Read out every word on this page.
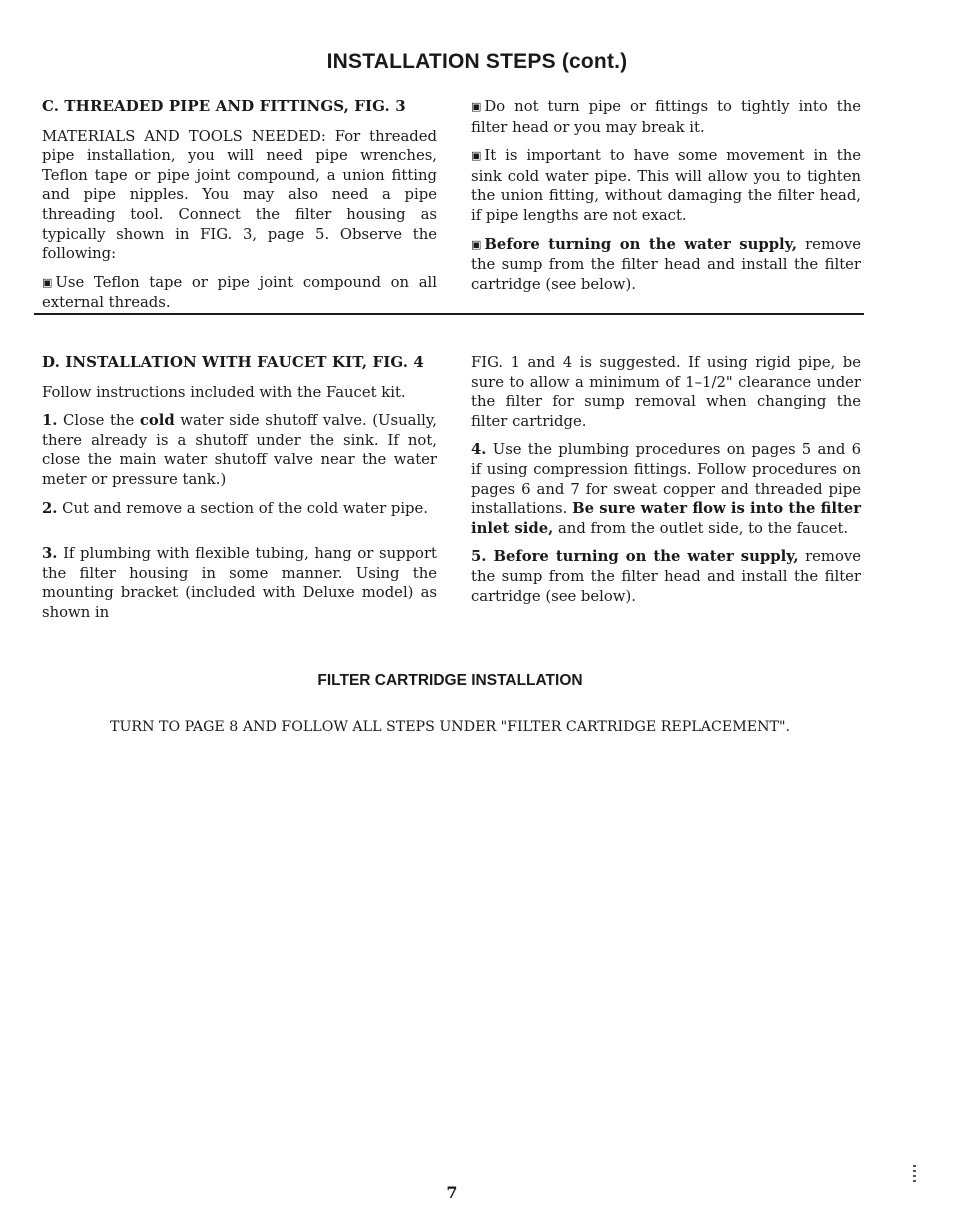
INSTALLATION STEPS (cont.)
C. THREADED PIPE AND FITTINGS, FIG. 3

MATERIALS AND TOOLS NEEDED: For threaded pipe installation, you will need pipe wrenches, Teflon tape or pipe joint compound, a union fitting and pipe nipples. You may also need a pipe threading tool. Connect the filter housing as typically shown in FIG. 3, page 5. Observe the following:

▣ Use Teflon tape or pipe joint compound on all external threads.

▣ Do not turn pipe or fittings to tightly into the filter head or you may break it.

▣ It is important to have some movement in the sink cold water pipe. This will allow you to tighten the union fitting, without damaging the filter head, if pipe lengths are not exact.

▣ Before turning on the water supply, remove the sump from the filter head and install the filter cartridge (see below).

D. INSTALLATION WITH FAUCET KIT, FIG. 4

Follow instructions included with the Faucet kit.

1. Close the cold water side shutoff valve. (Usually, there already is a shutoff under the sink. If not, close the main water shutoff valve near the water meter or pressure tank.)

2. Cut and remove a section of the cold water pipe.

3. If plumbing with flexible tubing, hang or support the filter housing in some manner. Using the mounting bracket (included with Deluxe model) as shown in

FIG. 1 and 4 is suggested. If using rigid pipe, be sure to allow a minimum of 1–1/2" clearance under the filter for sump removal when changing the filter cartridge.

4. Use the plumbing procedures on pages 5 and 6 if using compression fittings. Follow procedures on pages 6 and 7 for sweat copper and threaded pipe installations. Be sure water flow is into the filter inlet side, and from the outlet side, to the faucet.

5. Before turning on the water supply, remove the sump from the filter head and install the filter cartridge (see below).

FILTER CARTRIDGE INSTALLATION
TURN TO PAGE 8 AND FOLLOW ALL STEPS UNDER "FILTER CARTRIDGE REPLACEMENT".
7
